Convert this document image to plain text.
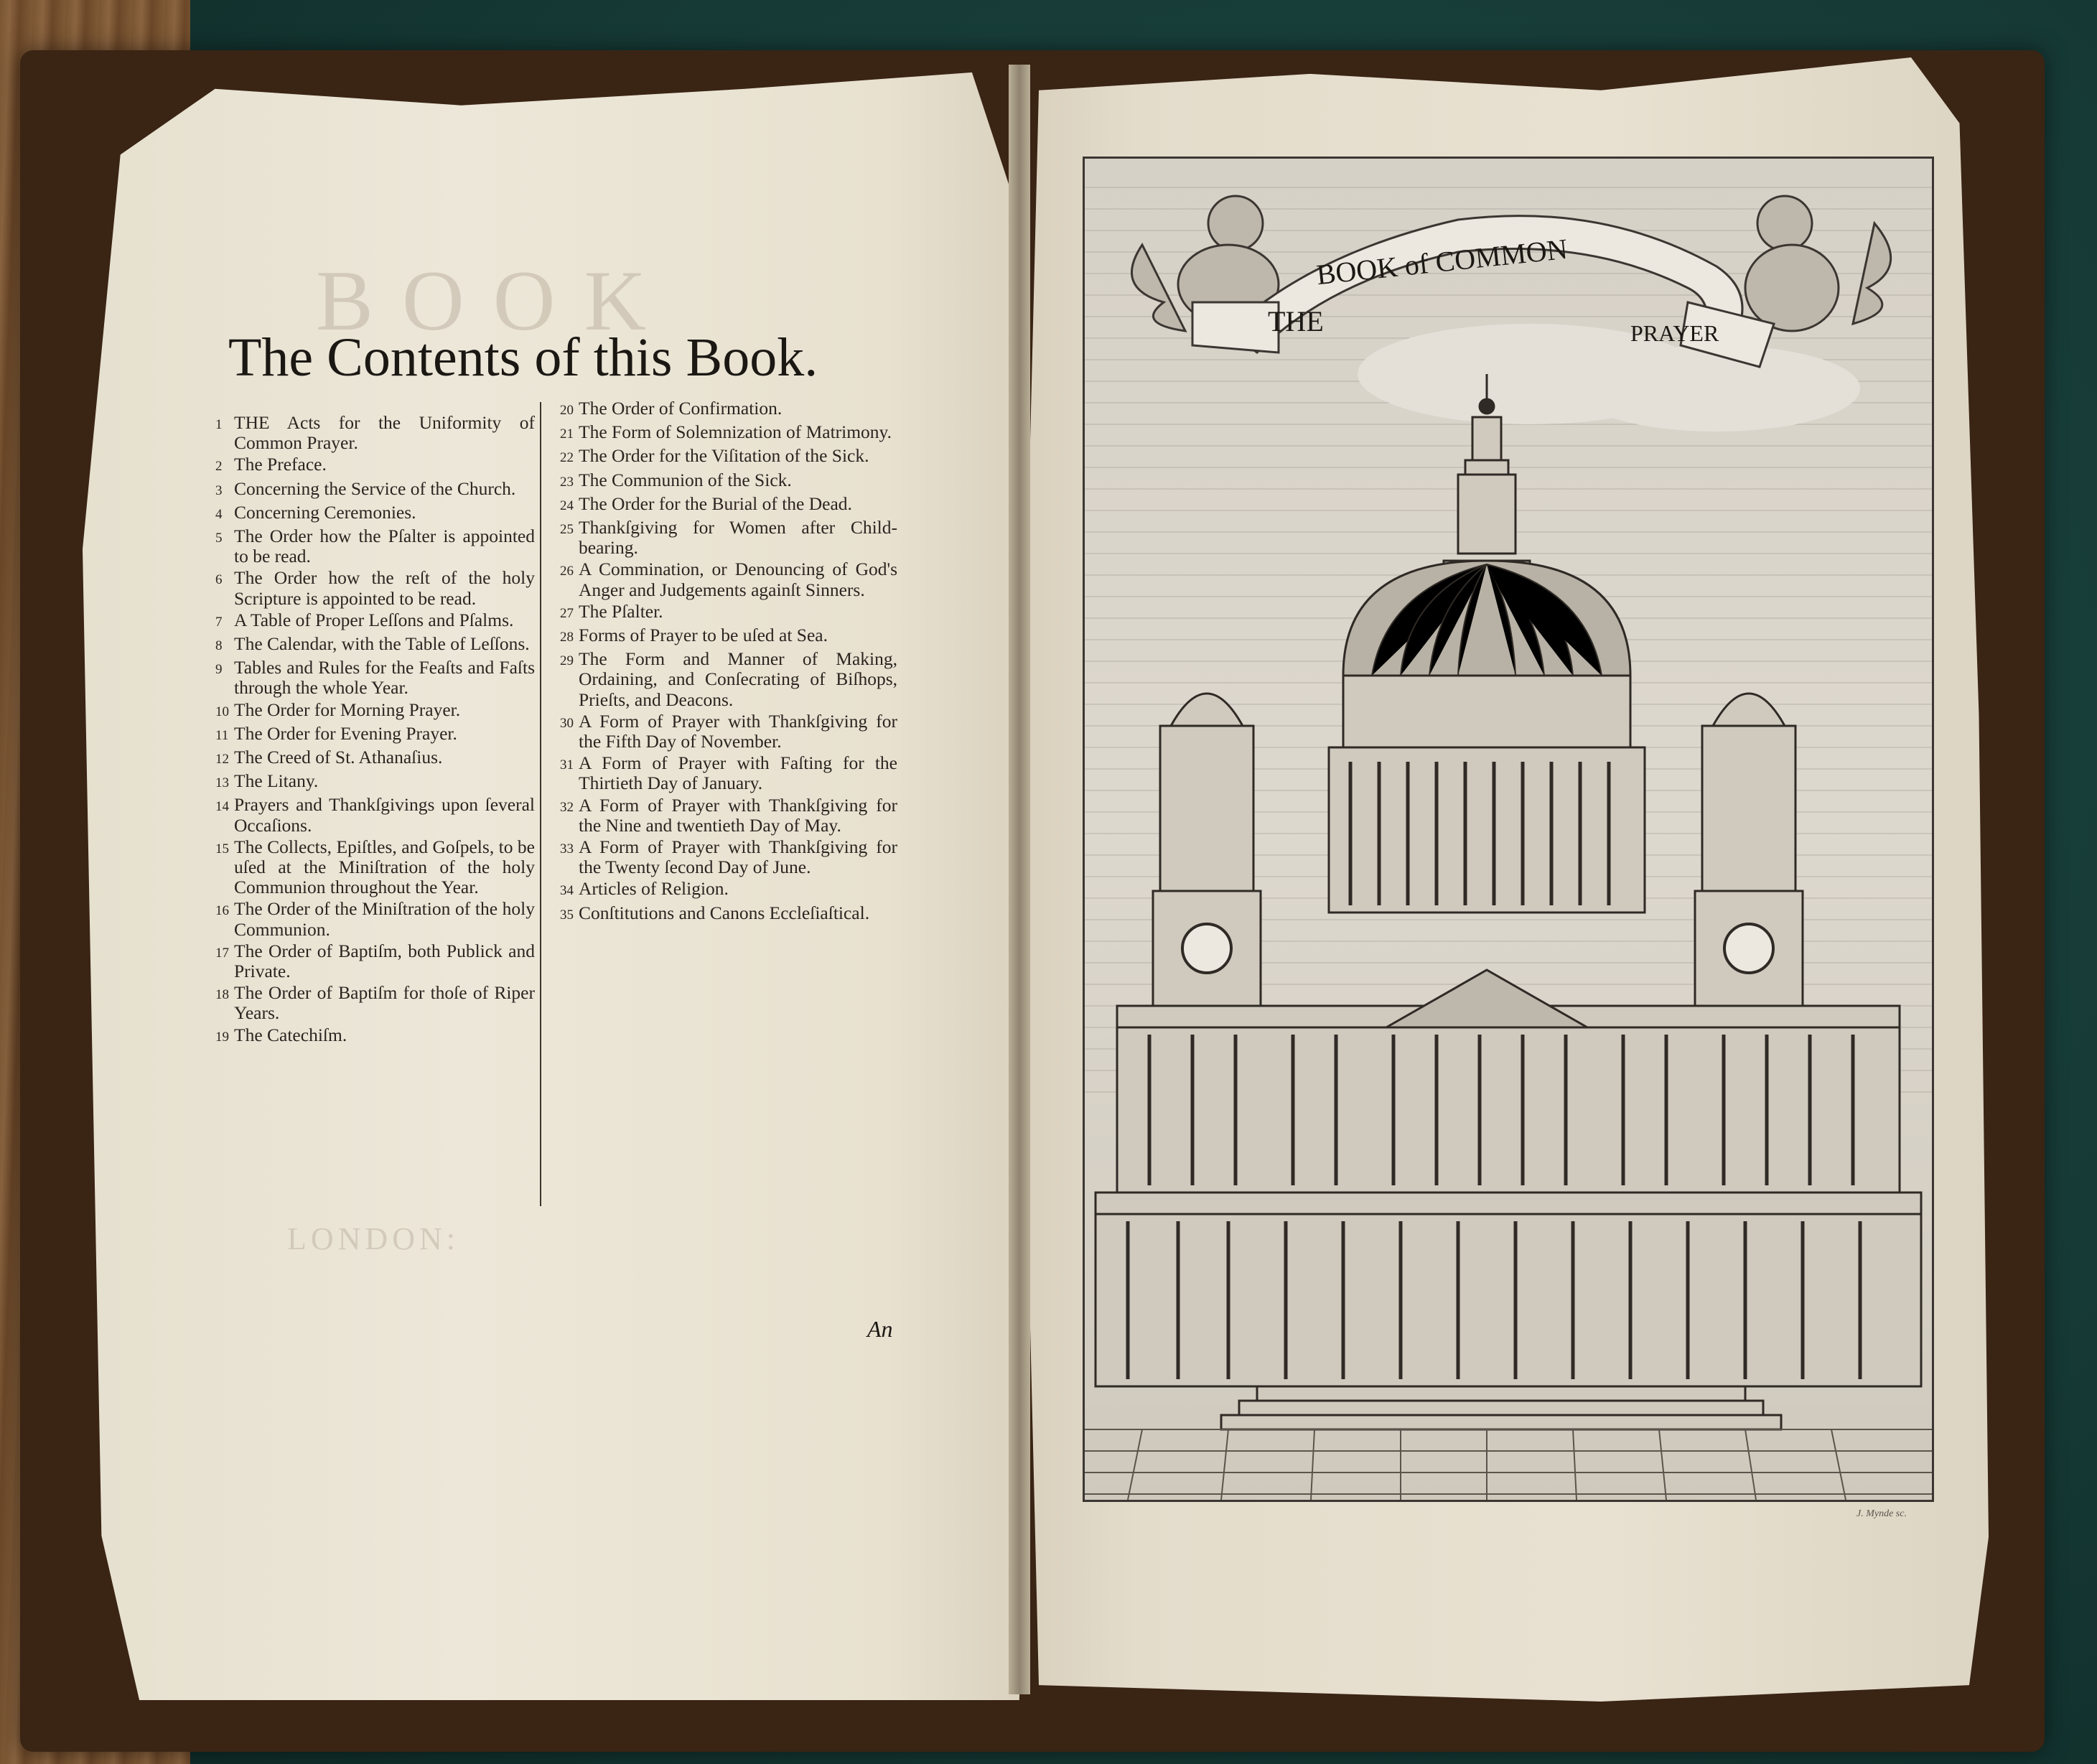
BOOK
LONDON:
The Contents of this Book.
1 THE Acts for the Uniformity of Common Prayer.
2 The Preface.
3 Concerning the Service of the Church.
4 Concerning Ceremonies.
5 The Order how the Pſalter is appointed to be read.
6 The Order how the reſt of the holy Scripture is appointed to be read.
7 A Table of Proper Leſſons and Pſalms.
8 The Calendar, with the Table of Leſſons.
9 Tables and Rules for the Feaſts and Faſts through the whole Year.
10 The Order for Morning Prayer.
11 The Order for Evening Prayer.
12 The Creed of St. Athanaſius.
13 The Litany.
14 Prayers and Thankſgivings upon ſeveral Occaſions.
15 The Collects, Epiſtles, and Goſpels, to be uſed at the Miniſtration of the holy Communion throughout the Year.
16 The Order of the Miniſtration of the holy Communion.
17 The Order of Baptiſm, both Publick and Private.
18 The Order of Baptiſm for thoſe of Riper Years.
19 The Catechiſm.
20 The Order of Confirmation.
21 The Form of Solemnization of Matrimony.
22 The Order for the Viſitation of the Sick.
23 The Communion of the Sick.
24 The Order for the Burial of the Dead.
25 Thankſgiving for Women after Child-bearing.
26 A Commination, or Denouncing of God's Anger and Judgements againſt Sinners.
27 The Pſalter.
28 Forms of Prayer to be uſed at Sea.
29 The Form and Manner of Making, Ordaining, and Conſecrating of Biſhops, Prieſts, and Deacons.
30 A Form of Prayer with Thankſgiving for the Fifth Day of November.
31 A Form of Prayer with Faſting for the Thirtieth Day of January.
32 A Form of Prayer with Thankſgiving for the Nine and twentieth Day of May.
33 A Form of Prayer with Thankſgiving for the Twenty ſecond Day of June.
34 Articles of Religion.
35 Conſtitutions and Canons Eccleſiaſtical.
An
THE
BOOK of COMMON
PRAYER
J. Mynde sc.
